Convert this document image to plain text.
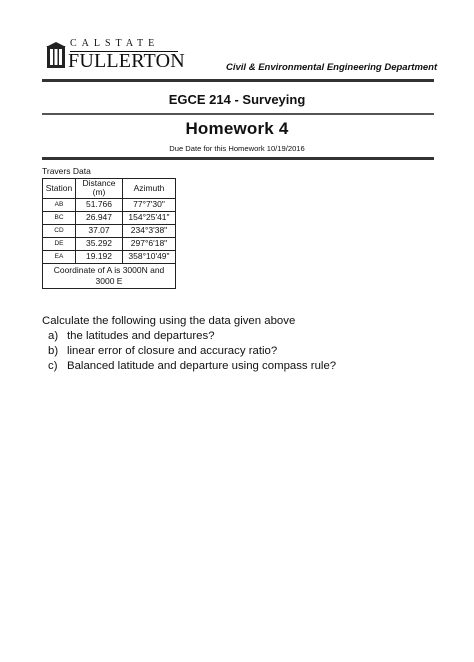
CALSTATE
FULLERTON	Civil & Environmental Engineering Department
EGCE 214 - Surveying
Homework 4
Due Date for this Homework 10/19/2016
Travers Data
Station	Distance (m)	Azimuth
AB	51.766	77°7'30"
BC	26.947	154°25'41"
CD	37.07	234°3'38"
DE	35.292	297°6'18"
EA	19.192	358°10'49"
Coordinate of A is 3000N and 3000 E		
Calculate the following using the data given above
a) the latitudes and departures?
b) linear error of closure and accuracy ratio?
c) Balanced latitude and departure using compass rule?
